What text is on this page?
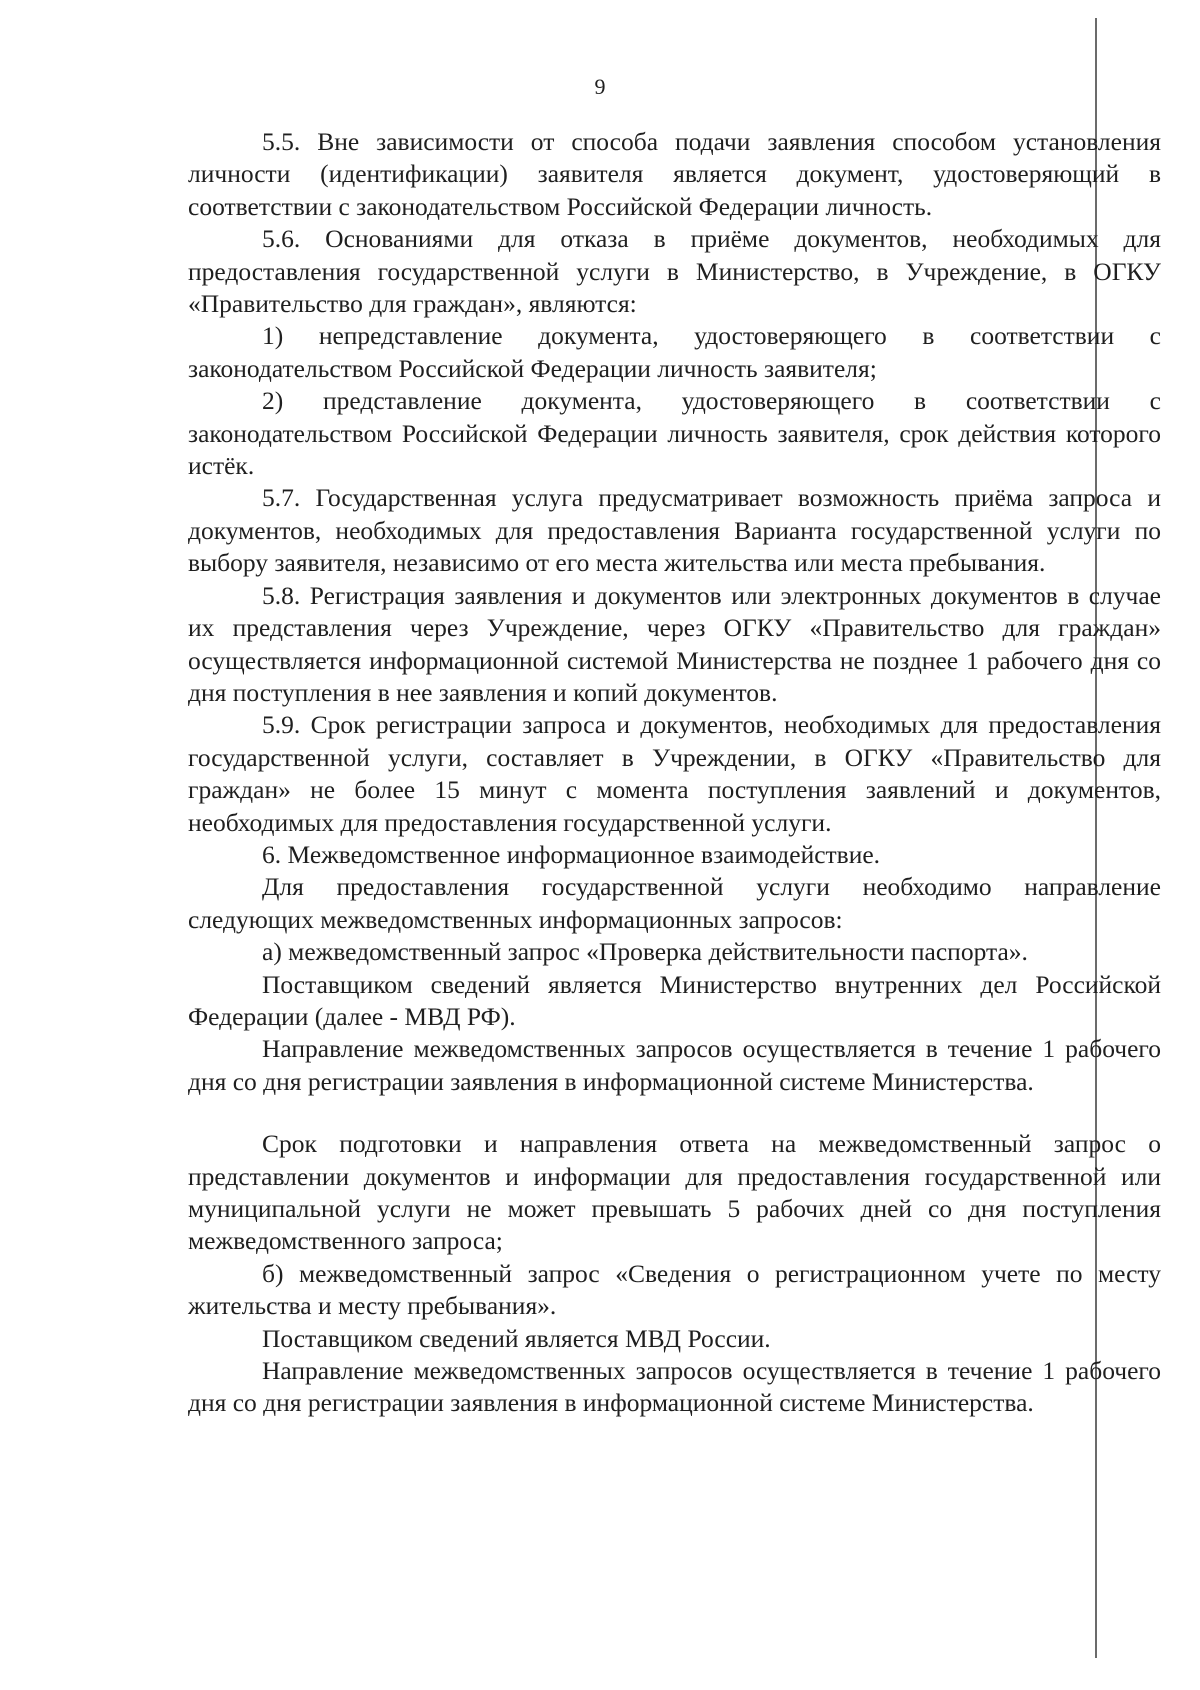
9

5.5. Вне зависимости от способа подачи заявления способом установления личности (идентификации) заявителя является документ, удостоверяющий в соответствии с законодательством Российской Федерации личность.

5.6. Основаниями для отказа в приёме документов, необходимых для предоставления государственной услуги в Министерство, в Учреждение, в ОГКУ «Правительство для граждан», являются:

1) непредставление документа, удостоверяющего в соответствии с законодательством Российской Федерации личность заявителя;

2) представление документа, удостоверяющего в соответствии с законодательством Российской Федерации личность заявителя, срок действия которого истёк.

5.7. Государственная услуга предусматривает возможность приёма запроса и документов, необходимых для предоставления Варианта государственной услуги по выбору заявителя, независимо от его места жительства или места пребывания.

5.8. Регистрация заявления и документов или электронных документов в случае их представления через Учреждение, через ОГКУ «Правительство для граждан» осуществляется информационной системой Министерства не позднее 1 рабочего дня со дня поступления в нее заявления и копий документов.

5.9. Срок регистрации запроса и документов, необходимых для предоставления государственной услуги, составляет в Учреждении, в ОГКУ «Правительство для граждан» не более 15 минут с момента поступления заявлений и документов, необходимых для предоставления государственной услуги.

6. Межведомственное информационное взаимодействие.

Для предоставления государственной услуги необходимо направление следующих межведомственных информационных запросов:

а) межведомственный запрос «Проверка действительности паспорта».

Поставщиком сведений является Министерство внутренних дел Российской Федерации (далее - МВД РФ).

Направление межведомственных запросов осуществляется в течение 1 рабочего дня со дня регистрации заявления в информационной системе Министерства.

Срок подготовки и направления ответа на межведомственный запрос о представлении документов и информации для предоставления государственной или муниципальной услуги не может превышать 5 рабочих дней со дня поступления межведомственного запроса;

б) межведомственный запрос «Сведения о регистрационном учете по месту жительства и месту пребывания».

Поставщиком сведений является МВД России.

Направление межведомственных запросов осуществляется в течение 1 рабочего дня со дня регистрации заявления в информационной системе Министерства.
